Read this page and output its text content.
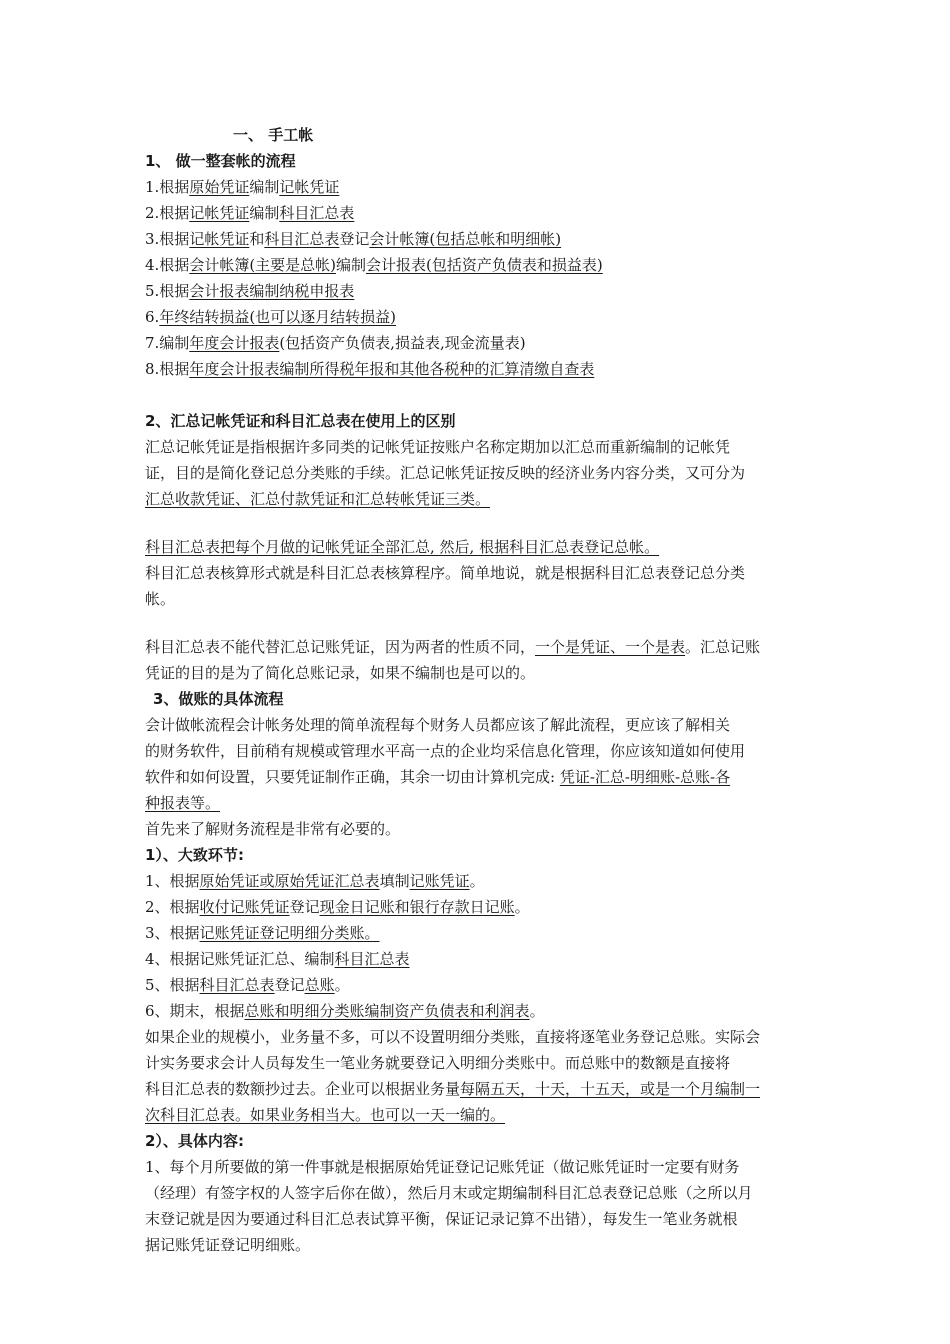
一、 手工帐
1、 做一整套帐的流程
1.根据原始凭证编制记帐凭证
2.根据记帐凭证编制科目汇总表
3.根据记帐凭证和科目汇总表登记会计帐簿(包括总帐和明细帐)
4.根据会计帐簿(主要是总帐)编制会计报表(包括资产负债表和损益表)
5.根据会计报表编制纳税申报表
6.年终结转损益(也可以逐月结转损益)
7.编制年度会计报表(包括资产负债表,损益表,现金流量表)
8.根据年度会计报表编制所得税年报和其他各税种的汇算清缴自查表
2、汇总记帐凭证和科目汇总表在使用上的区别
汇总记帐凭证是指根据许多同类的记帐凭证按账户名称定期加以汇总而重新编制的记帐凭
证，目的是简化登记总分类账的手续。汇总记帐凭证按反映的经济业务内容分类，又可分为
汇总收款凭证、汇总付款凭证和汇总转帐凭证三类。
科目汇总表把每个月做的记帐凭证全部汇总, 然后, 根据科目汇总表登记总帐。
科目汇总表核算形式就是科目汇总表核算程序。简单地说，就是根据科目汇总表登记总分类
帐。
科目汇总表不能代替汇总记账凭证，因为两者的性质不同，一个是凭证、一个是表。汇总记账
凭证的目的是为了简化总账记录，如果不编制也是可以的。
3、做账的具体流程
会计做帐流程会计帐务处理的简单流程每个财务人员都应该了解此流程，更应该了解相关
的财务软件，目前稍有规模或管理水平高一点的企业均采信息化管理，你应该知道如何使用
软件和如何设置，只要凭证制作正确，其余一切由计算机完成: 凭证-汇总-明细账-总账-各
种报表等。
首先来了解财务流程是非常有必要的。
1）、大致环节:
1、根据原始凭证或原始凭证汇总表填制记账凭证。
2、根据收付记账凭证登记现金日记账和银行存款日记账。
3、根据记账凭证登记明细分类账。
4、根据记账凭证汇总、编制科目汇总表
5、根据科目汇总表登记总账。
6、期末，根据总账和明细分类账编制资产负债表和利润表。
如果企业的规模小，业务量不多，可以不设置明细分类账，直接将逐笔业务登记总账。实际会
计实务要求会计人员每发生一笔业务就要登记入明细分类账中。而总账中的数额是直接将
科目汇总表的数额抄过去。企业可以根据业务量每隔五天，十天，十五天，或是一个月编制一
次科目汇总表。如果业务相当大。也可以一天一编的。
2）、具体内容:
1、每个月所要做的第一件事就是根据原始凭证登记记账凭证（做记账凭证时一定要有财务
（经理）有签字权的人签字后你在做），然后月末或定期编制科目汇总表登记总账（之所以月
末登记就是因为要通过科目汇总表试算平衡，保证记录记算不出错），每发生一笔业务就根
据记账凭证登记明细账。
